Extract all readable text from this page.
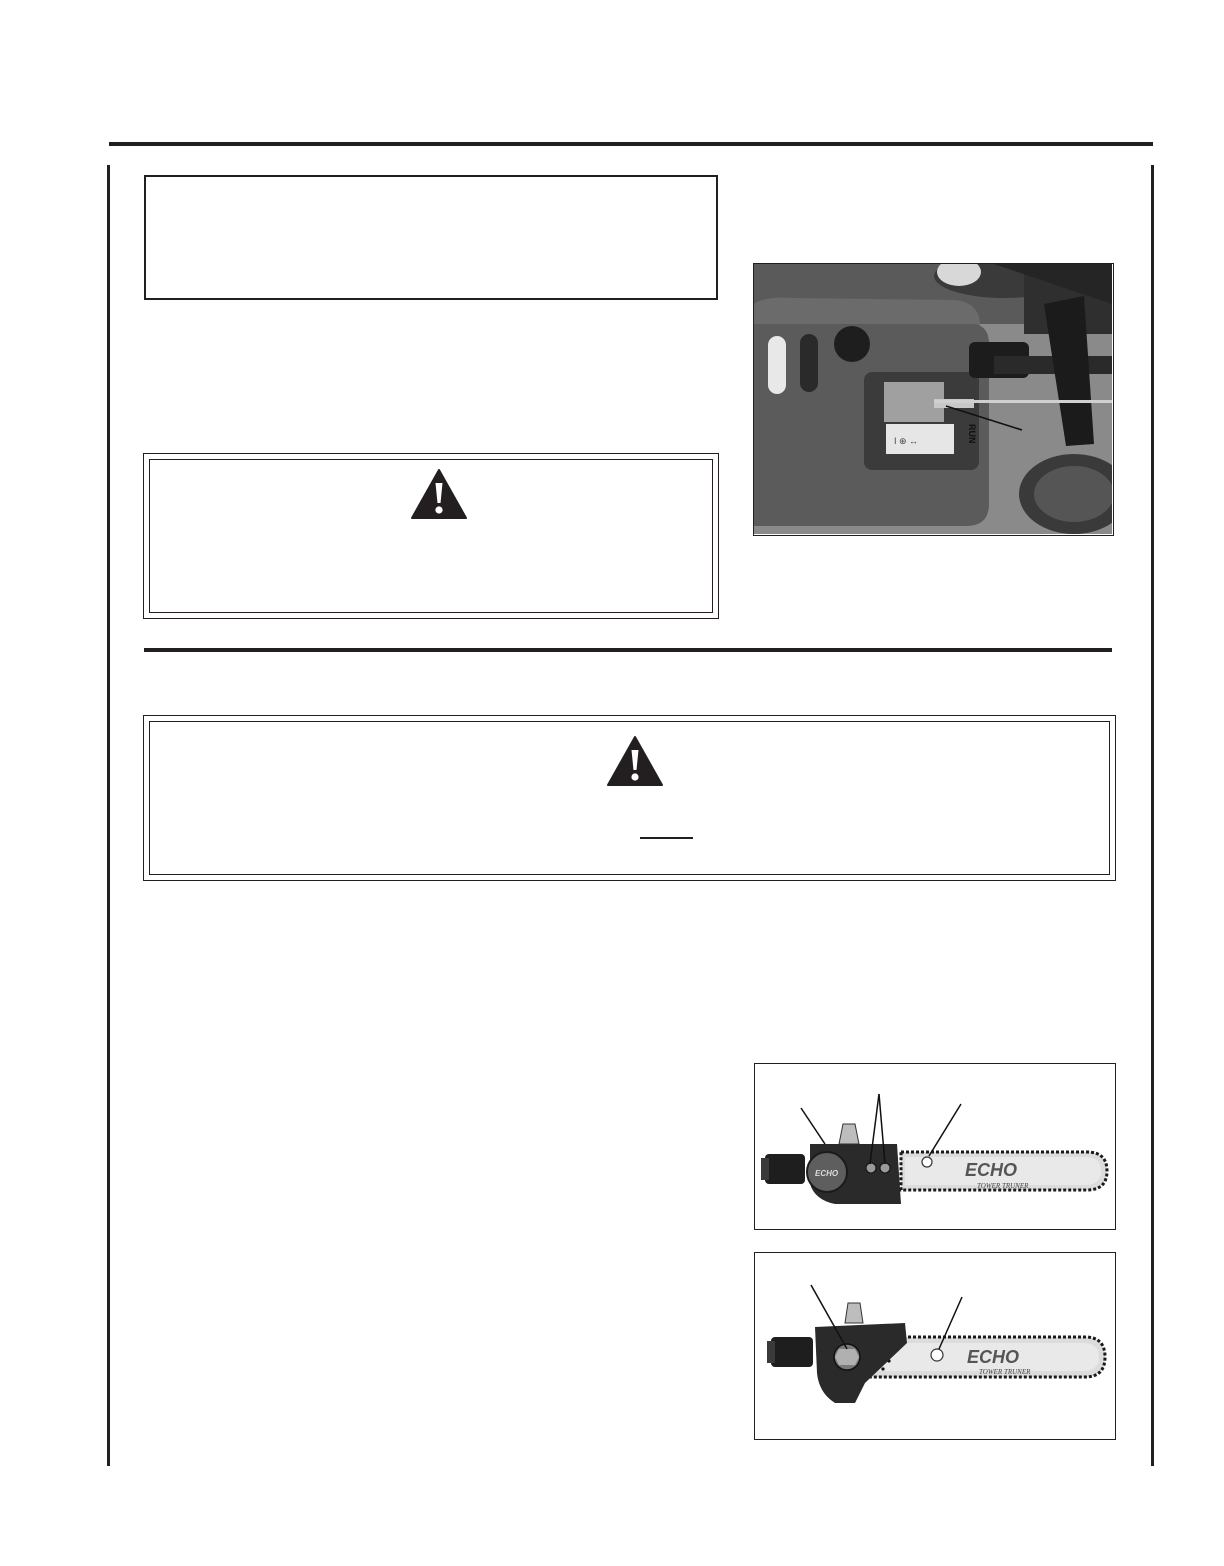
I ⊕ ↔	RUN
ECHO
TOWER TRUNER
ECHO
ECHO
TOWER TRUNER
